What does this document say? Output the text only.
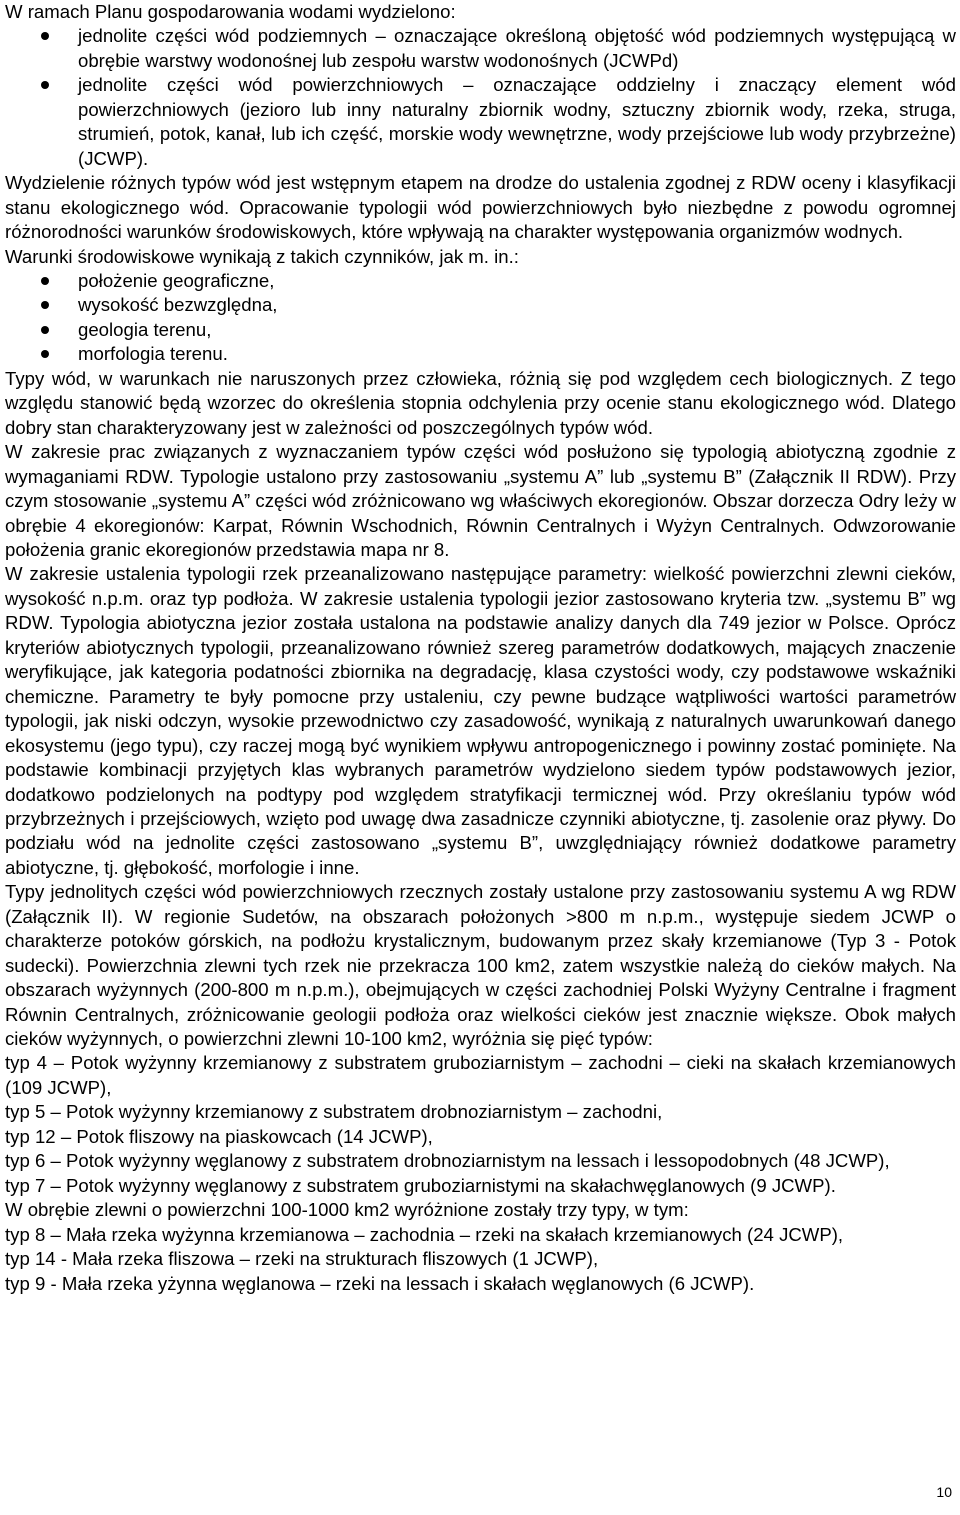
W ramach Planu gospodarowania wodami wydzielono:

jednolite części wód podziemnych – oznaczające określoną objętość wód podziemnych występującą w obrębie warstwy wodonośnej lub zespołu warstw wodonośnych (JCWPd)
jednolite części wód powierzchniowych – oznaczające oddzielny i znaczący element wód powierzchniowych (jezioro lub inny naturalny zbiornik wodny, sztuczny zbiornik wody, rzeka, struga, strumień, potok, kanał, lub ich część, morskie wody wewnętrzne, wody przejściowe lub wody przybrzeżne) (JCWP).

Wydzielenie różnych typów wód jest wstępnym etapem na drodze do ustalenia zgodnej z RDW oceny i klasyfikacji stanu ekologicznego wód. Opracowanie typologii wód powierzchniowych było niezbędne z powodu ogromnej różnorodności warunków środowiskowych, które wpływają na charakter występowania organizmów wodnych.

Warunki środowiskowe wynikają z takich czynników, jak m. in.:

położenie geograficzne,
wysokość bezwzględna,
geologia terenu,
morfologia terenu.

Typy wód, w warunkach nie naruszonych przez człowieka, różnią się pod względem cech biologicznych. Z tego względu stanowić będą wzorzec do określenia stopnia odchylenia przy ocenie stanu ekologicznego wód. Dlatego dobry stan charakteryzowany jest w zależności od poszczególnych typów wód.

W zakresie prac związanych z wyznaczaniem typów części wód posłużono się typologią abiotyczną zgodnie z wymaganiami RDW. Typologie ustalono przy zastosowaniu „systemu A” lub „systemu B” (Załącznik II RDW). Przy czym stosowanie „systemu A” części wód zróżnicowano wg właściwych ekoregionów. Obszar dorzecza Odry leży w obrębie 4 ekoregionów: Karpat, Równin Wschodnich, Równin Centralnych i Wyżyn Centralnych. Odwzorowanie położenia granic ekoregionów przedstawia mapa nr 8.

W zakresie ustalenia typologii rzek przeanalizowano następujące parametry: wielkość powierzchni zlewni cieków, wysokość n.p.m. oraz typ podłoża. W zakresie ustalenia typologii jezior zastosowano kryteria tzw. „systemu B” wg RDW. Typologia abiotyczna jezior została ustalona na podstawie analizy danych dla 749 jezior w Polsce. Oprócz kryteriów abiotycznych typologii, przeanalizowano również szereg parametrów dodatkowych, mających znaczenie weryfikujące, jak kategoria podatności zbiornika na degradację, klasa czystości wody, czy podstawowe wskaźniki chemiczne. Parametry te były pomocne przy ustaleniu, czy pewne budzące wątpliwości wartości parametrów typologii, jak niski odczyn, wysokie przewodnictwo czy zasadowość, wynikają z naturalnych uwarunkowań danego ekosystemu (jego typu), czy raczej mogą być wynikiem wpływu antropogenicznego i powinny zostać pominięte. Na podstawie kombinacji przyjętych klas wybranych parametrów wydzielono siedem typów podstawowych jezior, dodatkowo podzielonych na podtypy pod względem stratyfikacji termicznej wód. Przy określaniu typów wód przybrzeżnych i przejściowych, wzięto pod uwagę dwa zasadnicze czynniki abiotyczne, tj. zasolenie oraz pływy. Do podziału wód na jednolite części zastosowano „systemu B”, uwzględniający również dodatkowe parametry abiotyczne, tj. głębokość, morfologie i inne.

Typy jednolitych części wód powierzchniowych rzecznych zostały ustalone przy zastosowaniu systemu A wg RDW (Załącznik II). W regionie Sudetów, na obszarach położonych >800 m n.p.m., występuje siedem JCWP o charakterze potoków górskich, na podłożu krystalicznym, budowanym przez skały krzemianowe (Typ 3 - Potok sudecki). Powierzchnia zlewni tych rzek nie przekracza 100 km2, zatem wszystkie należą do cieków małych. Na obszarach wyżynnych (200-800 m n.p.m.), obejmujących w części zachodniej Polski Wyżyny Centralne i fragment Równin Centralnych, zróżnicowanie geologii podłoża oraz wielkości cieków jest znacznie większe. Obok małych cieków wyżynnych, o powierzchni zlewni 10-100 km2, wyróżnia się pięć typów:

typ 4 – Potok wyżynny krzemianowy z substratem gruboziarnistym – zachodni – cieki na skałach krzemianowych (109 JCWP),

typ 5 – Potok wyżynny krzemianowy z substratem drobnoziarnistym – zachodni,

typ 12 – Potok fliszowy na piaskowcach (14 JCWP),

typ 6 – Potok wyżynny węglanowy z substratem drobnoziarnistym na lessach i lessopodobnych (48 JCWP),

typ 7 – Potok wyżynny węglanowy z substratem gruboziarnistymi na skałachwęglanowych (9 JCWP).

W obrębie zlewni o powierzchni 100-1000 km2 wyróżnione zostały trzy typy, w tym:

typ 8 – Mała rzeka wyżynna krzemianowa – zachodnia – rzeki na skałach krzemianowych (24 JCWP),

typ 14 - Mała rzeka fliszowa – rzeki na strukturach fliszowych (1 JCWP),

typ 9 - Mała rzeka yżynna węglanowa – rzeki na lessach i skałach węglanowych (6 JCWP).

10
